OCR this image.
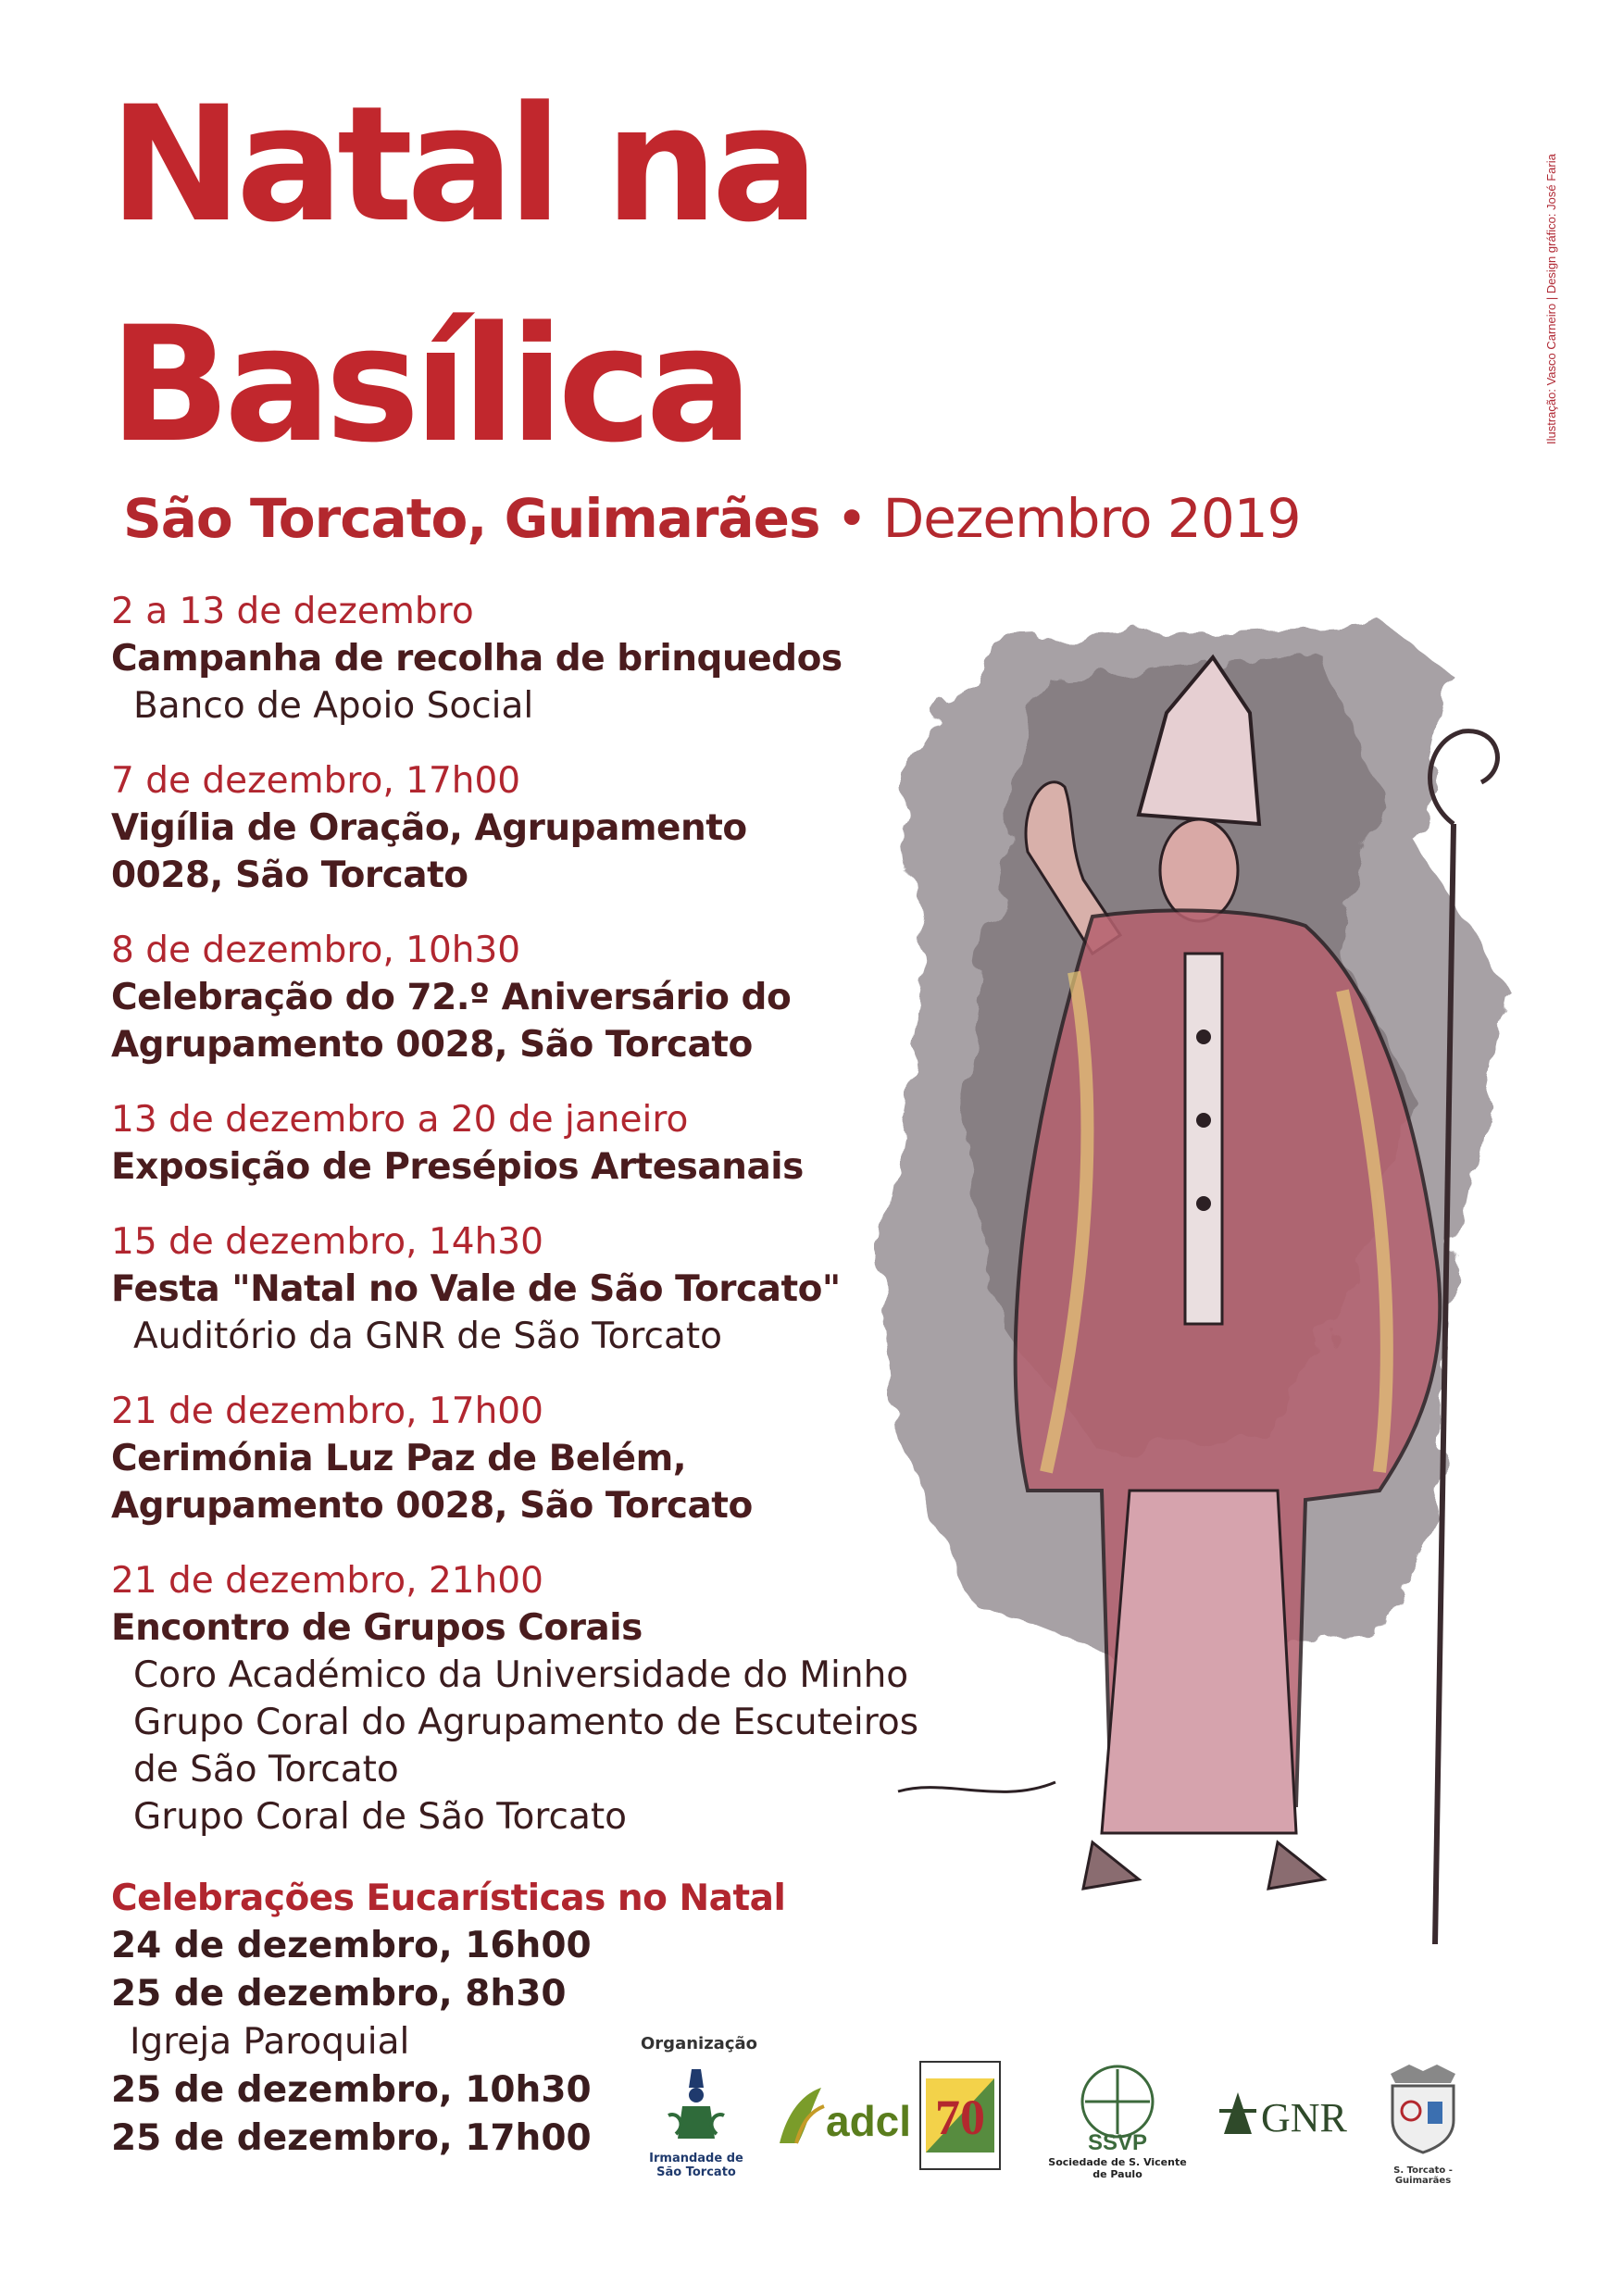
Ilustração: Vasco Carneiro | Design gráfico: José Faria
Natal na
Basílica
São Torcato, Guimarães • Dezembro 2019
2 a 13 de dezembro
Campanha de recolha de brinquedos
Banco de Apoio Social
7 de dezembro, 17h00
Vigília de Oração, Agrupamento
0028, São Torcato
8 de dezembro, 10h30
Celebração do 72.º Aniversário do
Agrupamento 0028, São Torcato
13 de dezembro a 20 de janeiro
Exposição de Presépios Artesanais
15 de dezembro, 14h30
Festa "Natal no Vale de São Torcato"
Auditório da GNR de São Torcato
21 de dezembro, 17h00
Cerimónia Luz Paz de Belém,
Agrupamento 0028, São Torcato
21 de dezembro, 21h00
Encontro de Grupos Corais
Coro Académico da Universidade do Minho
Grupo Coral do Agrupamento de Escuteiros
de São Torcato
Grupo Coral de São Torcato
Celebrações Eucarísticas no Natal
24 de dezembro, 16h00
25 de dezembro, 8h30
Igreja Paroquial
25 de dezembro, 10h30
25 de dezembro, 17h00
Organização
Irmandade de São Torcato
adcl 70	SSVP
Sociedade de S. Vicente de Paulo
GNR
S. Torcato - Guimarães
